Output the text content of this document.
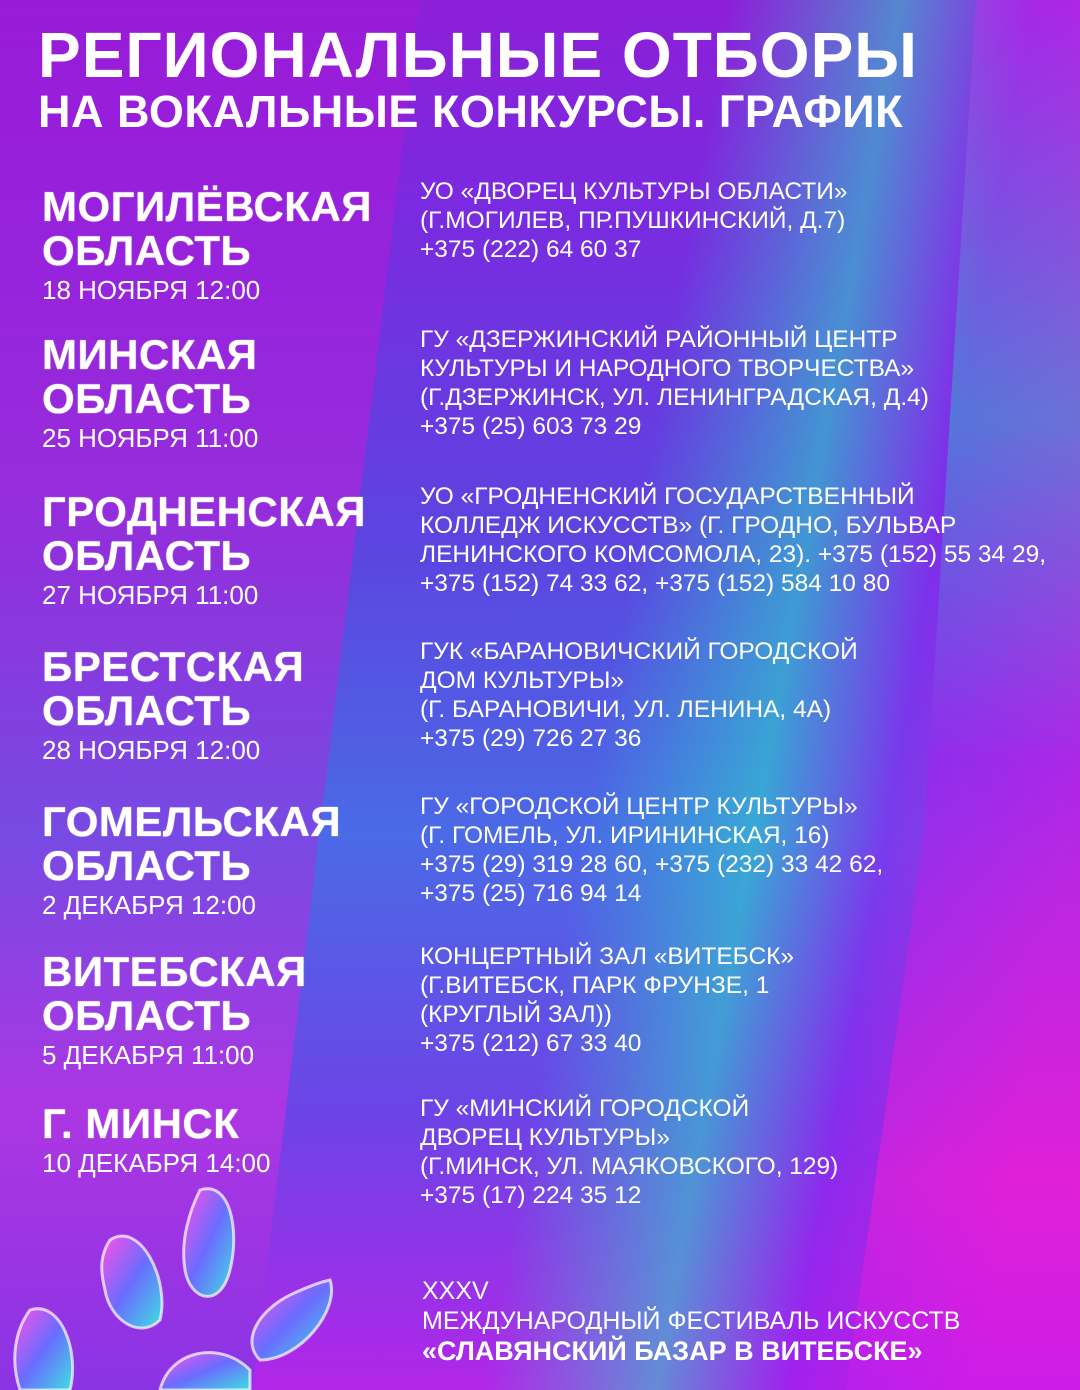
РЕГИОНАЛЬНЫЕ ОТБОРЫ
НА ВОКАЛЬНЫЕ КОНКУРСЫ. ГРАФИК
МОГИЛЁВСКАЯ
ОБЛАСТЬ
18 НОЯБРЯ 12:00
УО «ДВОРЕЦ КУЛЬТУРЫ ОБЛАСТИ»
(Г.МОГИЛЕВ, ПР.ПУШКИНСКИЙ, Д.7)
+375 (222) 64 60 37
МИНСКАЯ
ОБЛАСТЬ
25 НОЯБРЯ 11:00
ГУ «ДЗЕРЖИНСКИЙ РАЙОННЫЙ ЦЕНТР
КУЛЬТУРЫ И НАРОДНОГО ТВОРЧЕСТВА»
(Г.ДЗЕРЖИНСК, УЛ. ЛЕНИНГРАДСКАЯ, Д.4)
+375 (25) 603 73 29
ГРОДНЕНСКАЯ
ОБЛАСТЬ
27 НОЯБРЯ 11:00
УО «ГРОДНЕНСКИЙ ГОСУДАРСТВЕННЫЙ
КОЛЛЕДЖ ИСКУССТВ» (Г. ГРОДНО, БУЛЬВАР
ЛЕНИНСКОГО КОМСОМОЛА, 23). +375 (152) 55 34 29,
+375 (152) 74 33 62, +375 (152) 584 10 80
БРЕСТСКАЯ
ОБЛАСТЬ
28 НОЯБРЯ 12:00
ГУК «БАРАНОВИЧСКИЙ ГОРОДСКОЙ
ДОМ КУЛЬТУРЫ»
(Г. БАРАНОВИЧИ, УЛ. ЛЕНИНА, 4А)
+375 (29) 726 27 36
ГОМЕЛЬСКАЯ
ОБЛАСТЬ
2 ДЕКАБРЯ 12:00
ГУ «ГОРОДСКОЙ ЦЕНТР КУЛЬТУРЫ»
(Г. ГОМЕЛЬ, УЛ. ИРИНИНСКАЯ, 16)
+375 (29) 319 28 60, +375 (232) 33 42 62,
+375 (25) 716 94 14
ВИТЕБСКАЯ
ОБЛАСТЬ
5 ДЕКАБРЯ 11:00
КОНЦЕРТНЫЙ ЗАЛ «ВИТЕБСК»
(Г.ВИТЕБСК, ПАРК ФРУНЗЕ, 1
(КРУГЛЫЙ ЗАЛ))
+375 (212) 67 33 40
Г. МИНСК
10 ДЕКАБРЯ 14:00
ГУ «МИНСКИЙ ГОРОДСКОЙ
ДВОРЕЦ КУЛЬТУРЫ»
(Г.МИНСК, УЛ. МАЯКОВСКОГО, 129)
+375 (17) 224 35 12
XXXV
МЕЖДУНАРОДНЫЙ ФЕСТИВАЛЬ ИСКУССТВ
«СЛАВЯНСКИЙ БАЗАР В ВИТЕБСКЕ»
